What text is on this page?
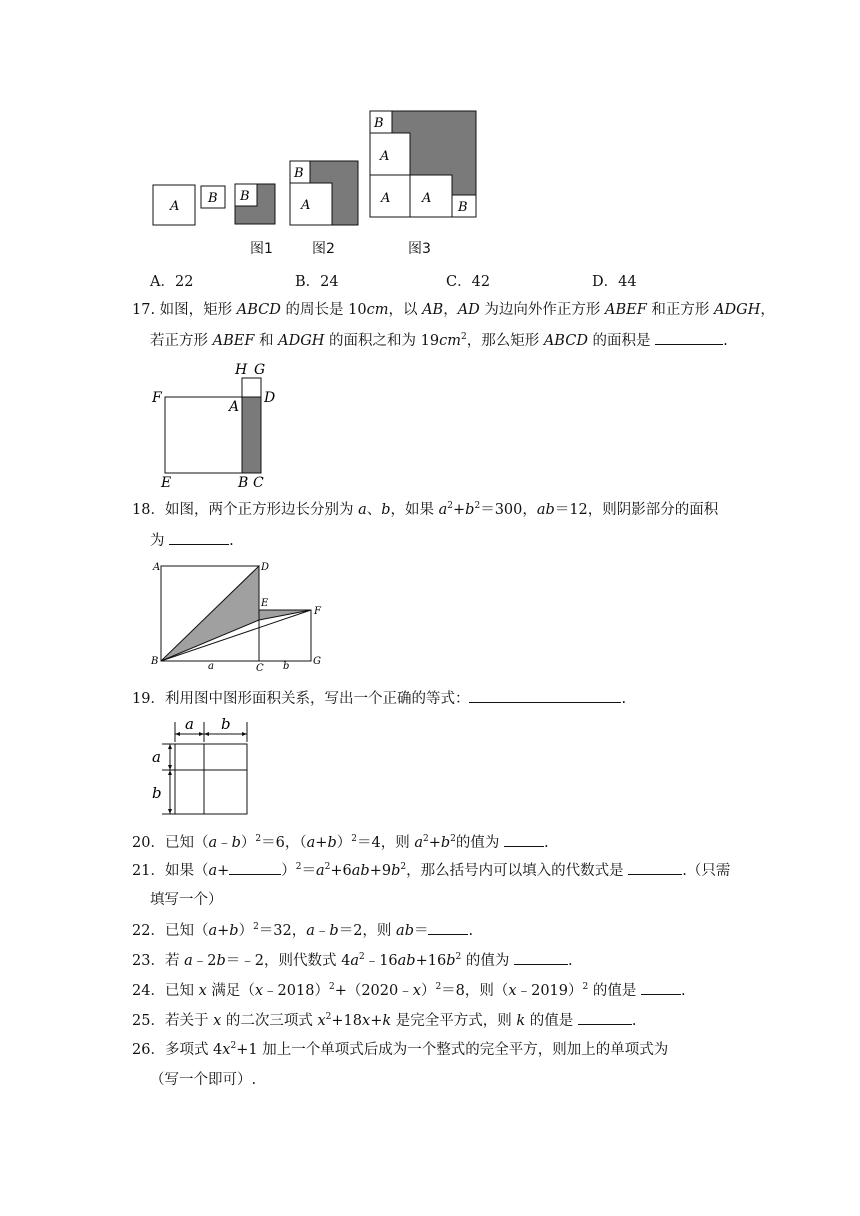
A
B B
B
A
B
A
A A
B
图1	图2	图3
A．22	B．24	C．42	D．44
17. 如图，矩形 ABCD 的周长是 10cm，以 AB，AD 为边向外作正方形 ABEF 和正方形 ADGH，
若正方形 ABEF 和 ADGH 的面积之和为 $19cm^2$，那么矩形 ABCD 的面积是	.
H G
F
A
D
E	B C
18．如图，两个正方形边长分别为 a、b，如果 $a^2+b^2=300$，ab＝12，则阴影部分的面积
为	.
A	D
E
F
B
C
G
a	b
19．利用图中图形面积关系，写出一个正确的等式：	.
a b
a
b
20．已知（a﹣b）$^2$＝6，$(a+b)^2=4$，则 $a^2+b^2$的值为	.
21．如果（a+	）$^2=a^2+6ab+9b^2$，那么括号内可以填入的代数式是	.（只需
填写一个）
22．已知$(a+b)^2=32$，a﹣b＝2，则 ab＝	.
23．若 a﹣2b＝﹣2，则代数式 $4a^2﹣16ab+16b^2$ 的值为	.
24．已知 x 满足（x﹣2018）$^2$+（2020﹣x）$^2$＝8，则（x﹣2019）$^2$ 的值是	.
25．若关于 x 的二次三项式 $x^2+18x+k$ 是完全平方式，则 k 的值是	.
26．多项式 $4x^2+1$ 加上一个单项式后成为一个整式的完全平方，则加上的单项式为
（写一个即可）.
